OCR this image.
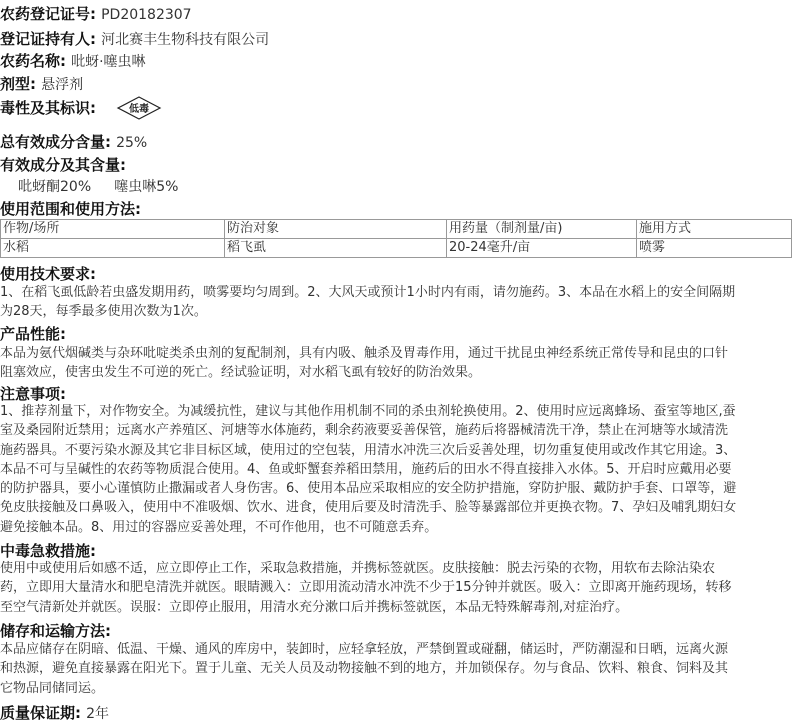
农药登记证号: PD20182307
登记证持有人: 河北赛丰生物科技有限公司
农药名称: 吡蚜·噻虫啉
剂型: 悬浮剂
毒性及其标识:	低毒
总有效成分含量: 25%
有效成分及其含量:
吡蚜酮20% 噻虫啉5%
使用范围和使用方法:
作物/场所	防治对象	用药量（制剂量/亩)	施用方式
水稻	稻飞虱	20-24毫升/亩	喷雾
使用技术要求:
1、在稻飞虱低龄若虫盛发期用药，喷雾要均匀周到。2、大风天或预计1小时内有雨，请勿施药。3、本品在水稻上的安全间隔期
为28天，每季最多使用次数为1次。
产品性能:
本品为氨代烟碱类与杂环吡啶类杀虫剂的复配制剂，具有内吸、触杀及胃毒作用，通过干扰昆虫神经系统正常传导和昆虫的口针
阻塞效应，使害虫发生不可逆的死亡。经试验证明，对水稻飞虱有较好的防治效果。
注意事项:
1、推荐剂量下，对作物安全。为减缓抗性，建议与其他作用机制不同的杀虫剂轮换使用。2、使用时应远离蜂场、蚕室等地区,蚕
室及桑园附近禁用；远离水产养殖区、河塘等水体施药，剩余药液要妥善保管，施药后将器械清洗干净，禁止在河塘等水域清洗
施药器具。不要污染水源及其它非目标区域，使用过的空包装，用清水冲洗三次后妥善处理，切勿重复使用或改作其它用途。3、
本品不可与呈碱性的农药等物质混合使用。4、鱼或虾蟹套养稻田禁用，施药后的田水不得直接排入水体。5、开启时应戴用必要
的防护器具，要小心谨慎防止撒漏或者人身伤害。6、使用本品应采取相应的安全防护措施，穿防护服、戴防护手套、口罩等，避
免皮肤接触及口鼻吸入，使用中不准吸烟、饮水、进食，使用后要及时清洗手、脸等暴露部位并更换衣物。7、孕妇及哺乳期妇女
避免接触本品。8、用过的容器应妥善处理，不可作他用，也不可随意丢弃。
中毒急救措施:
使用中或使用后如感不适，应立即停止工作，采取急救措施，并携标签就医。皮肤接触：脱去污染的衣物，用软布去除沾染农
药，立即用大量清水和肥皂清洗并就医。眼睛溅入：立即用流动清水冲洗不少于15分钟并就医。吸入：立即离开施药现场，转移
至空气清新处并就医。误服：立即停止服用，用清水充分漱口后并携标签就医，本品无特殊解毒剂,对症治疗。
储存和运输方法:
本品应储存在阴暗、低温、干燥、通风的库房中，装卸时，应轻拿轻放，严禁倒置或碰翻，储运时，严防潮湿和日晒，远离火源
和热源，避免直接暴露在阳光下。置于儿童、无关人员及动物接触不到的地方，并加锁保存。勿与食品、饮料、粮食、饲料及其
它物品同储同运。
质量保证期: 2年
